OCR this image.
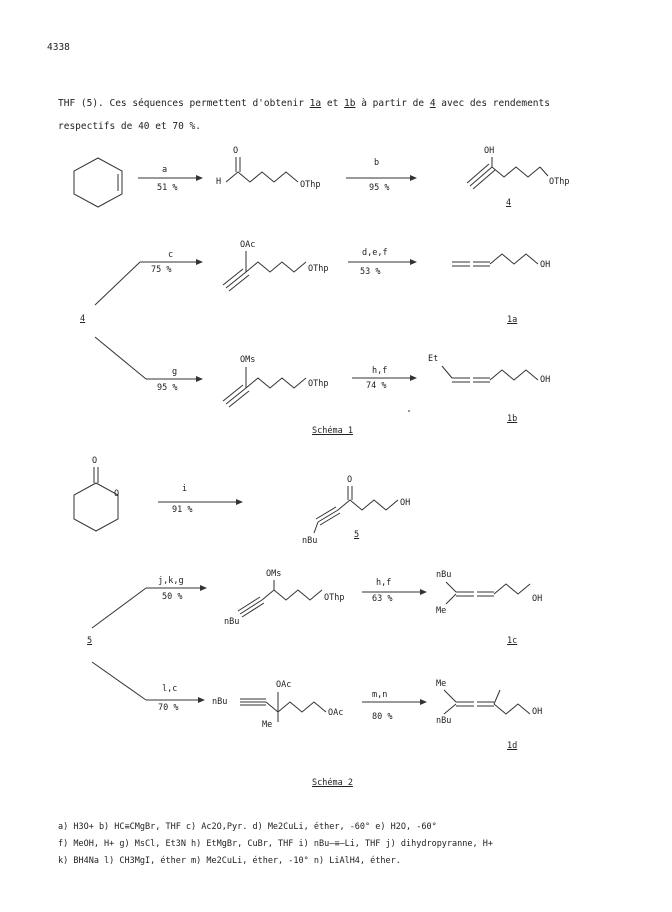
4338
THF (5). Ces séquences permettent d'obtenir 1a et 1b à partir de 4 avec des rendements
respectifs de 40 et 70 %.
a
51 %
O
H	OThp
b
95 %
OH
OThp
4
4
c
75 %
OAc
OThp
d,e,f
53 %
OH
1a
g
95 %
OMs
OThp
h,f
74 %
Et
OH
1b
Schéma 1
O
O	i
91 %
O
OH
nBu
5
5
j,k,g
50 %
OMs
OThp
nBu
h,f
63 %
nBu
Me
OH
1c
l,c
70 %
nBu
OAc
OAc
Me
m,n
80 %
Me
nBu
OH
1d
Schéma 2
a) H3O+ b) HC≡CMgBr, THF c) Ac2O,Pyr. d) Me2CuLi, éther, -60° e) H2O, -60°
f) MeOH, H+ g) MsCl, Et3N h) EtMgBr, CuBr, THF i) nBu–≡–Li, THF j) dihydropyranne, H+
k) BH4Na l) CH3MgI, éther m) Me2CuLi, éther, -10° n) LiAlH4, éther.
